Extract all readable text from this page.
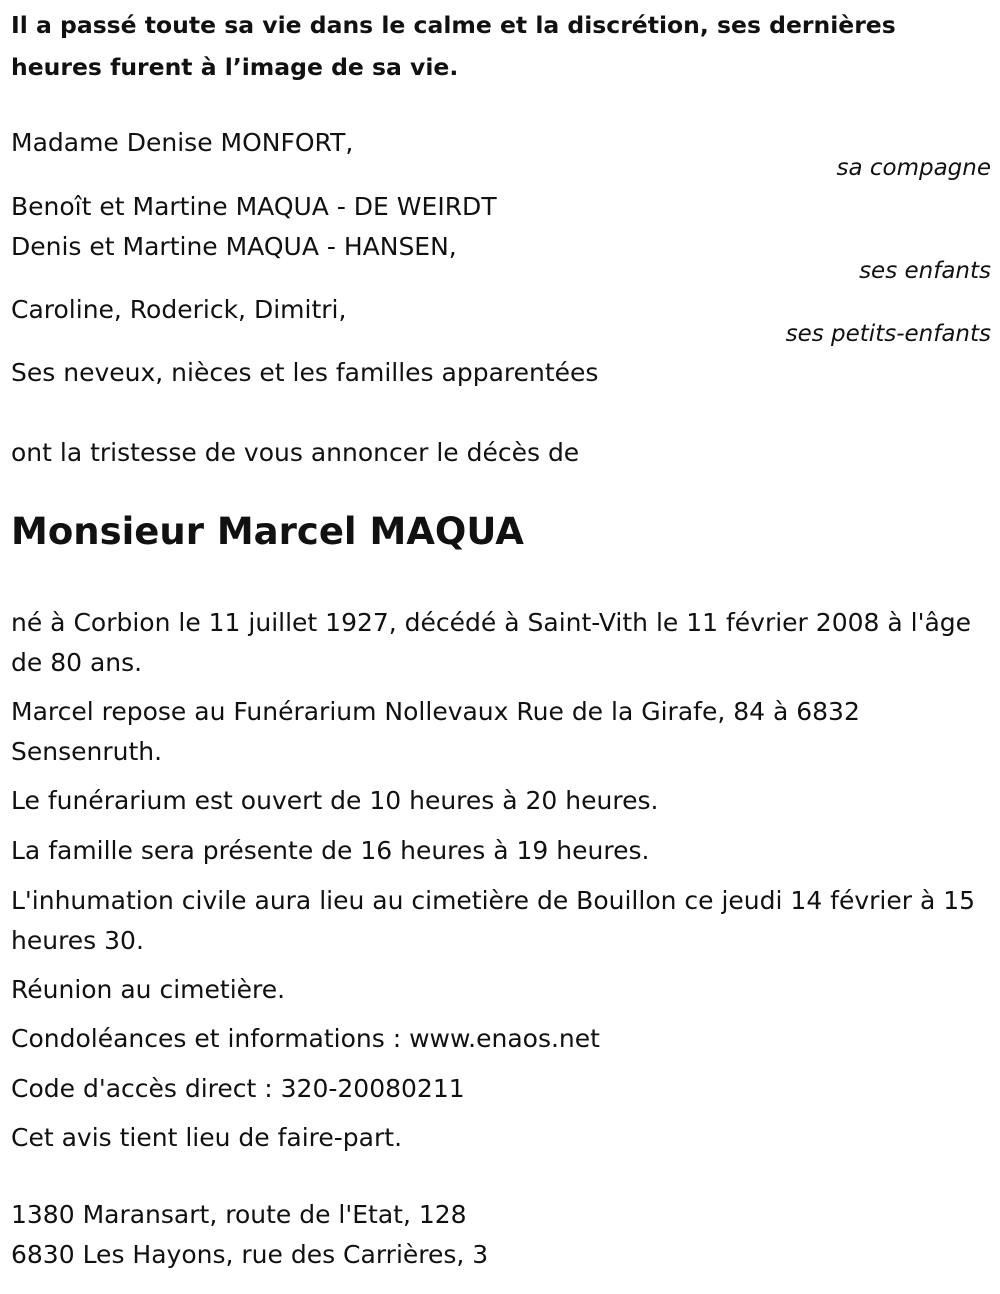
Il a passé toute sa vie dans le calme et la discrétion, ses dernières heures furent à l’image de sa vie.
Madame Denise MONFORT,
sa compagne
Benoît et Martine MAQUA - DE WEIRDT
Denis et Martine MAQUA - HANSEN,
ses enfants
Caroline, Roderick, Dimitri,
ses petits-enfants
Ses neveux, nièces et les familles apparentées
ont la tristesse de vous annoncer le décès de
Monsieur Marcel MAQUA
né à Corbion le 11 juillet 1927, décédé à Saint-Vith le 11 février 2008 à l'âge de 80 ans.
Marcel repose au Funérarium Nollevaux Rue de la Girafe, 84 à 6832 Sensenruth.
Le funérarium est ouvert de 10 heures à 20 heures.
La famille sera présente de 16 heures à 19 heures.
L'inhumation civile aura lieu au cimetière de Bouillon ce jeudi 14 février à 15 heures 30.
Réunion au cimetière.
Condoléances et informations : www.enaos.net
Code d'accès direct : 320-20080211
Cet avis tient lieu de faire-part.
1380 Maransart, route de l'Etat, 128
6830 Les Hayons, rue des Carrières, 3
